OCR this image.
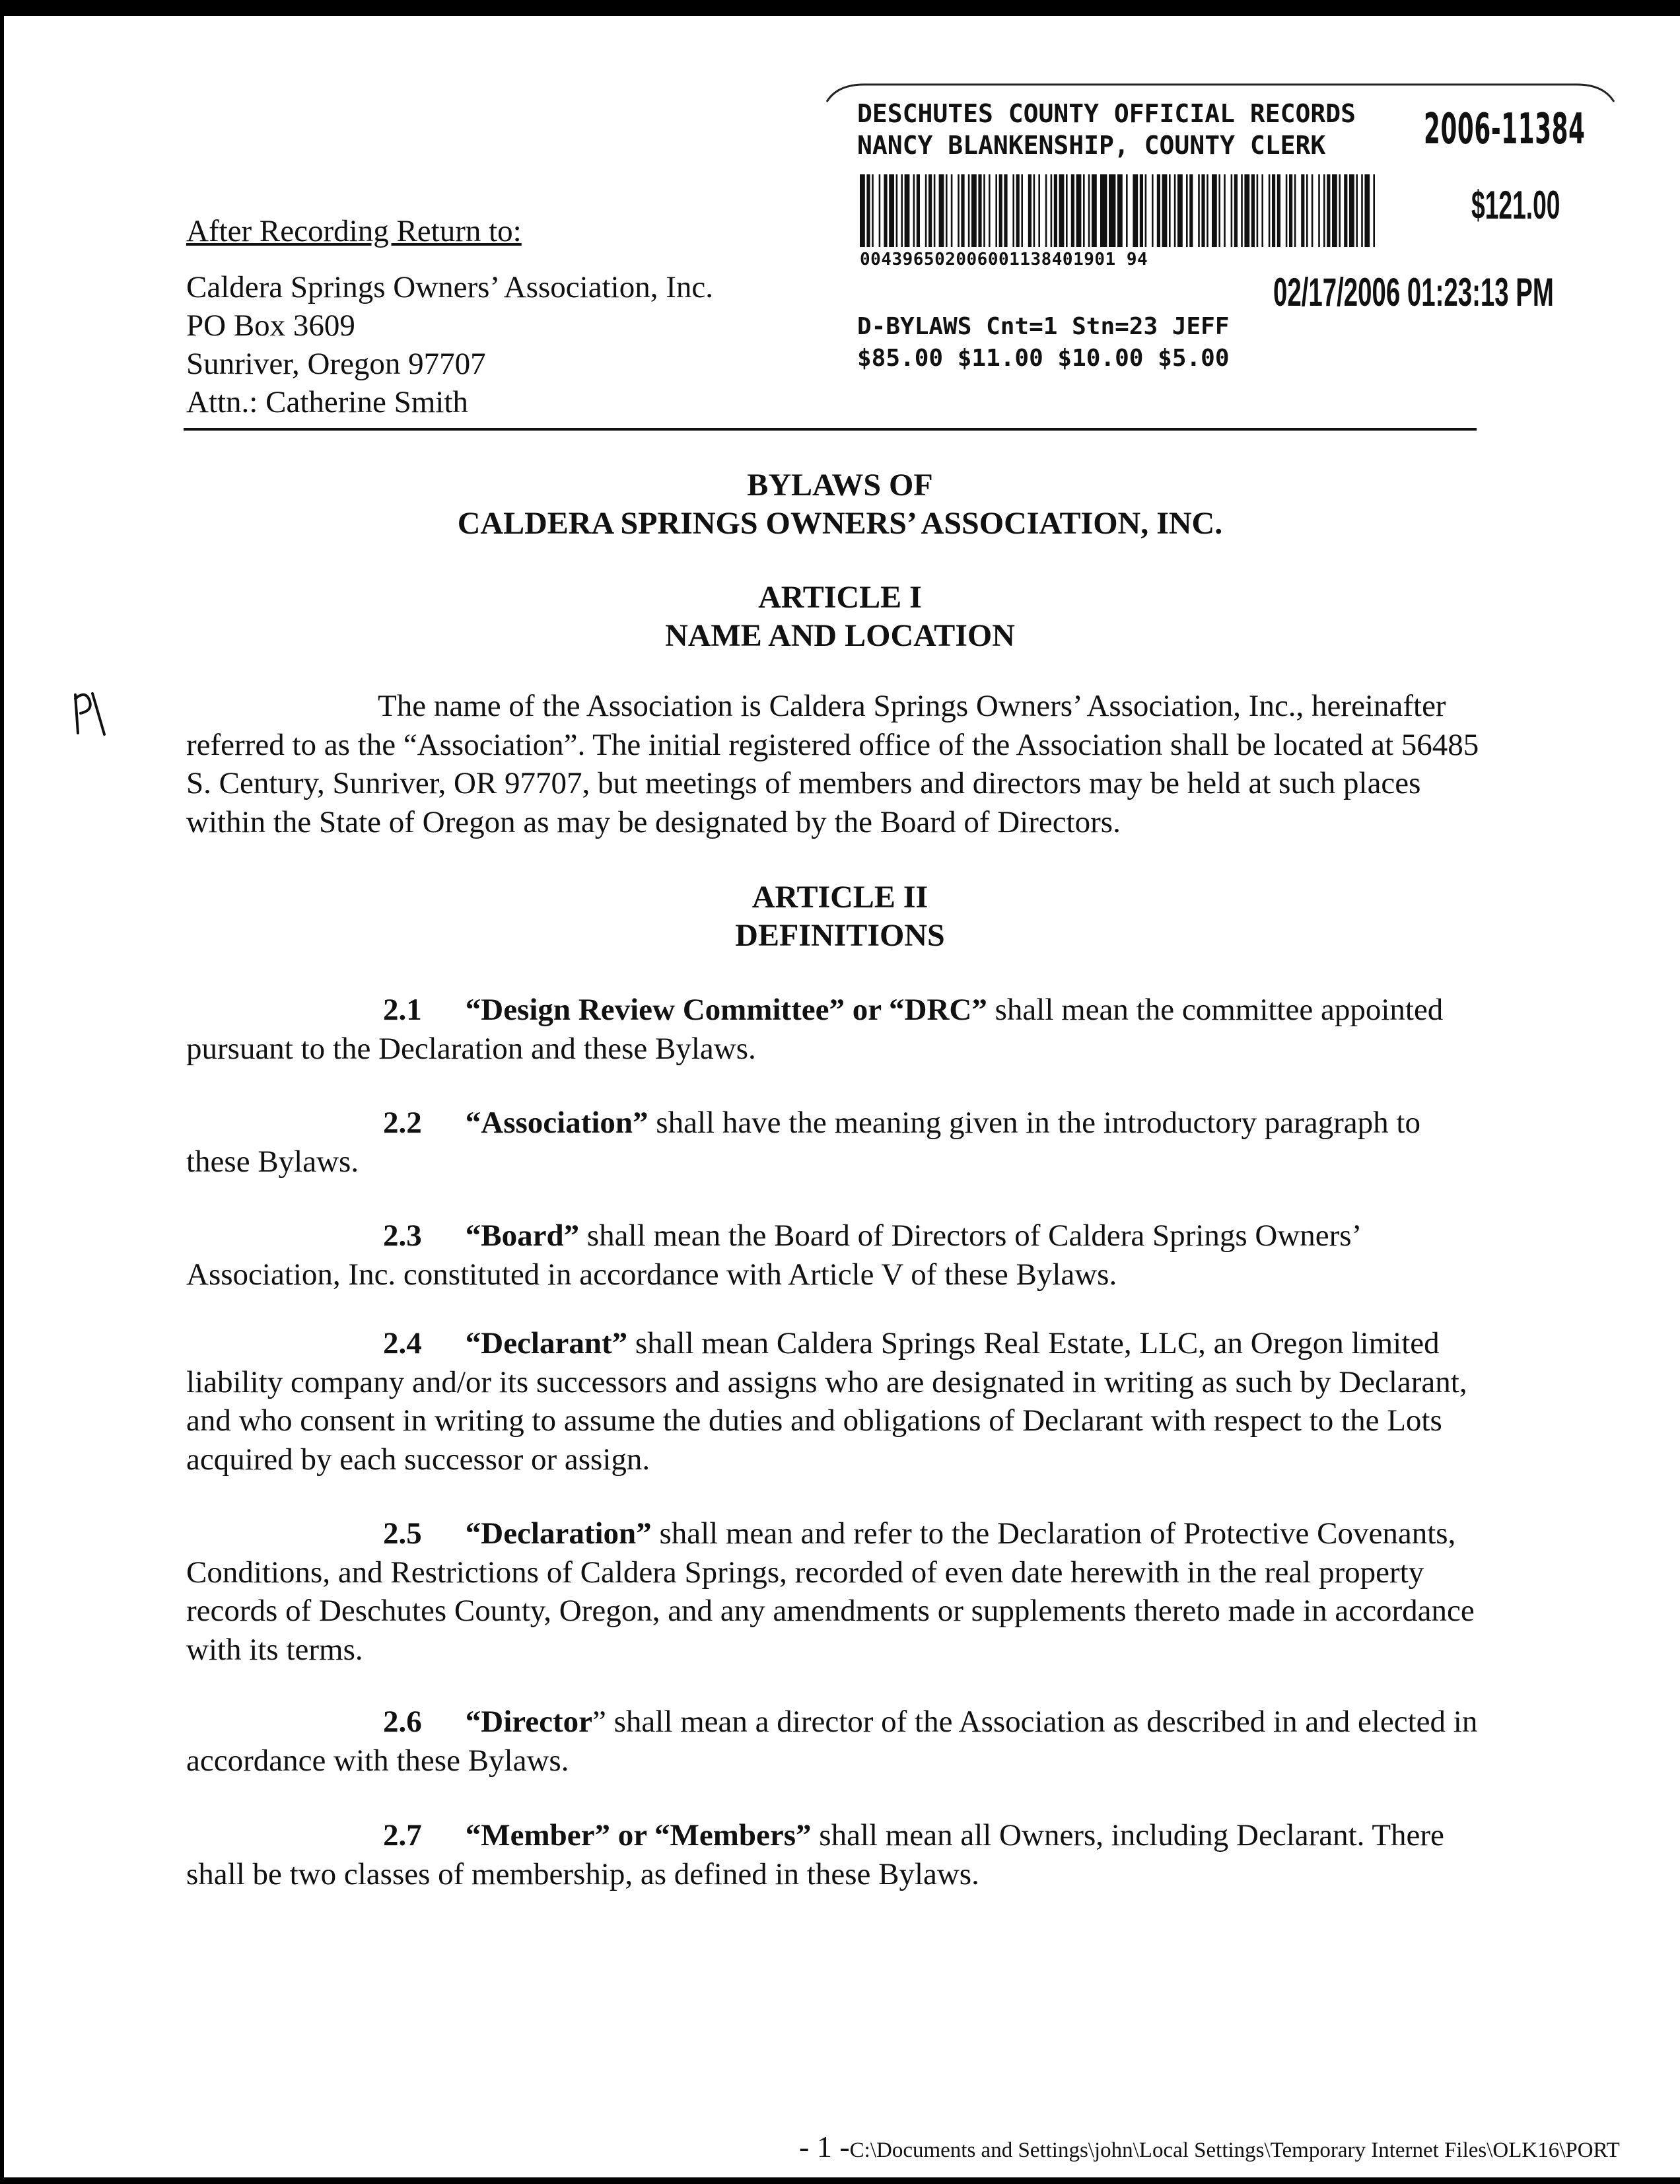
After Recording Return to:
Caldera Springs Owners’ Association, Inc.
PO Box 3609
Sunriver, Oregon 97707
Attn.: Catherine Smith
DESCHUTES COUNTY OFFICIAL RECORDS
NANCY BLANKENSHIP, COUNTY CLERK	2006-11384
$121.00
004396502006001138401901 94
02/17/2006 01:23:13 PM
D-BYLAWS Cnt=1 Stn=23 JEFF
$85.00 $11.00 $10.00 $5.00
BYLAWS OF
CALDERA SPRINGS OWNERS’ ASSOCIATION, INC.
ARTICLE I
NAME AND LOCATION
The name of the Association is Caldera Springs Owners’ Association, Inc., hereinafter referred to as the “Association”. The initial registered office of the Association shall be located at 56485 S. Century, Sunriver, OR 97707, but meetings of members and directors may be held at such places within the State of Oregon as may be designated by the Board of Directors.
ARTICLE II
DEFINITIONS
2.1 “Design Review Committee” or “DRC” shall mean the committee appointed pursuant to the Declaration and these Bylaws.
2.2 “Association” shall have the meaning given in the introductory paragraph to these Bylaws.
2.3 “Board” shall mean the Board of Directors of Caldera Springs Owners’ Association, Inc. constituted in accordance with Article V of these Bylaws.
2.4 “Declarant” shall mean Caldera Springs Real Estate, LLC, an Oregon limited liability company and/or its successors and assigns who are designated in writing as such by Declarant, and who consent in writing to assume the duties and obligations of Declarant with respect to the Lots acquired by each successor or assign.
2.5 “Declaration” shall mean and refer to the Declaration of Protective Covenants, Conditions, and Restrictions of Caldera Springs, recorded of even date herewith in the real property records of Deschutes County, Oregon, and any amendments or supplements thereto made in accordance with its terms.
2.6 “Director” shall mean a director of the Association as described in and elected in accordance with these Bylaws.
2.7 “Member” or “Members” shall mean all Owners, including Declarant. There shall be two classes of membership, as defined in these Bylaws.
- 1 -C:\Documents and Settings\john\Local Settings\Temporary Internet Files\OLK16\PORT
